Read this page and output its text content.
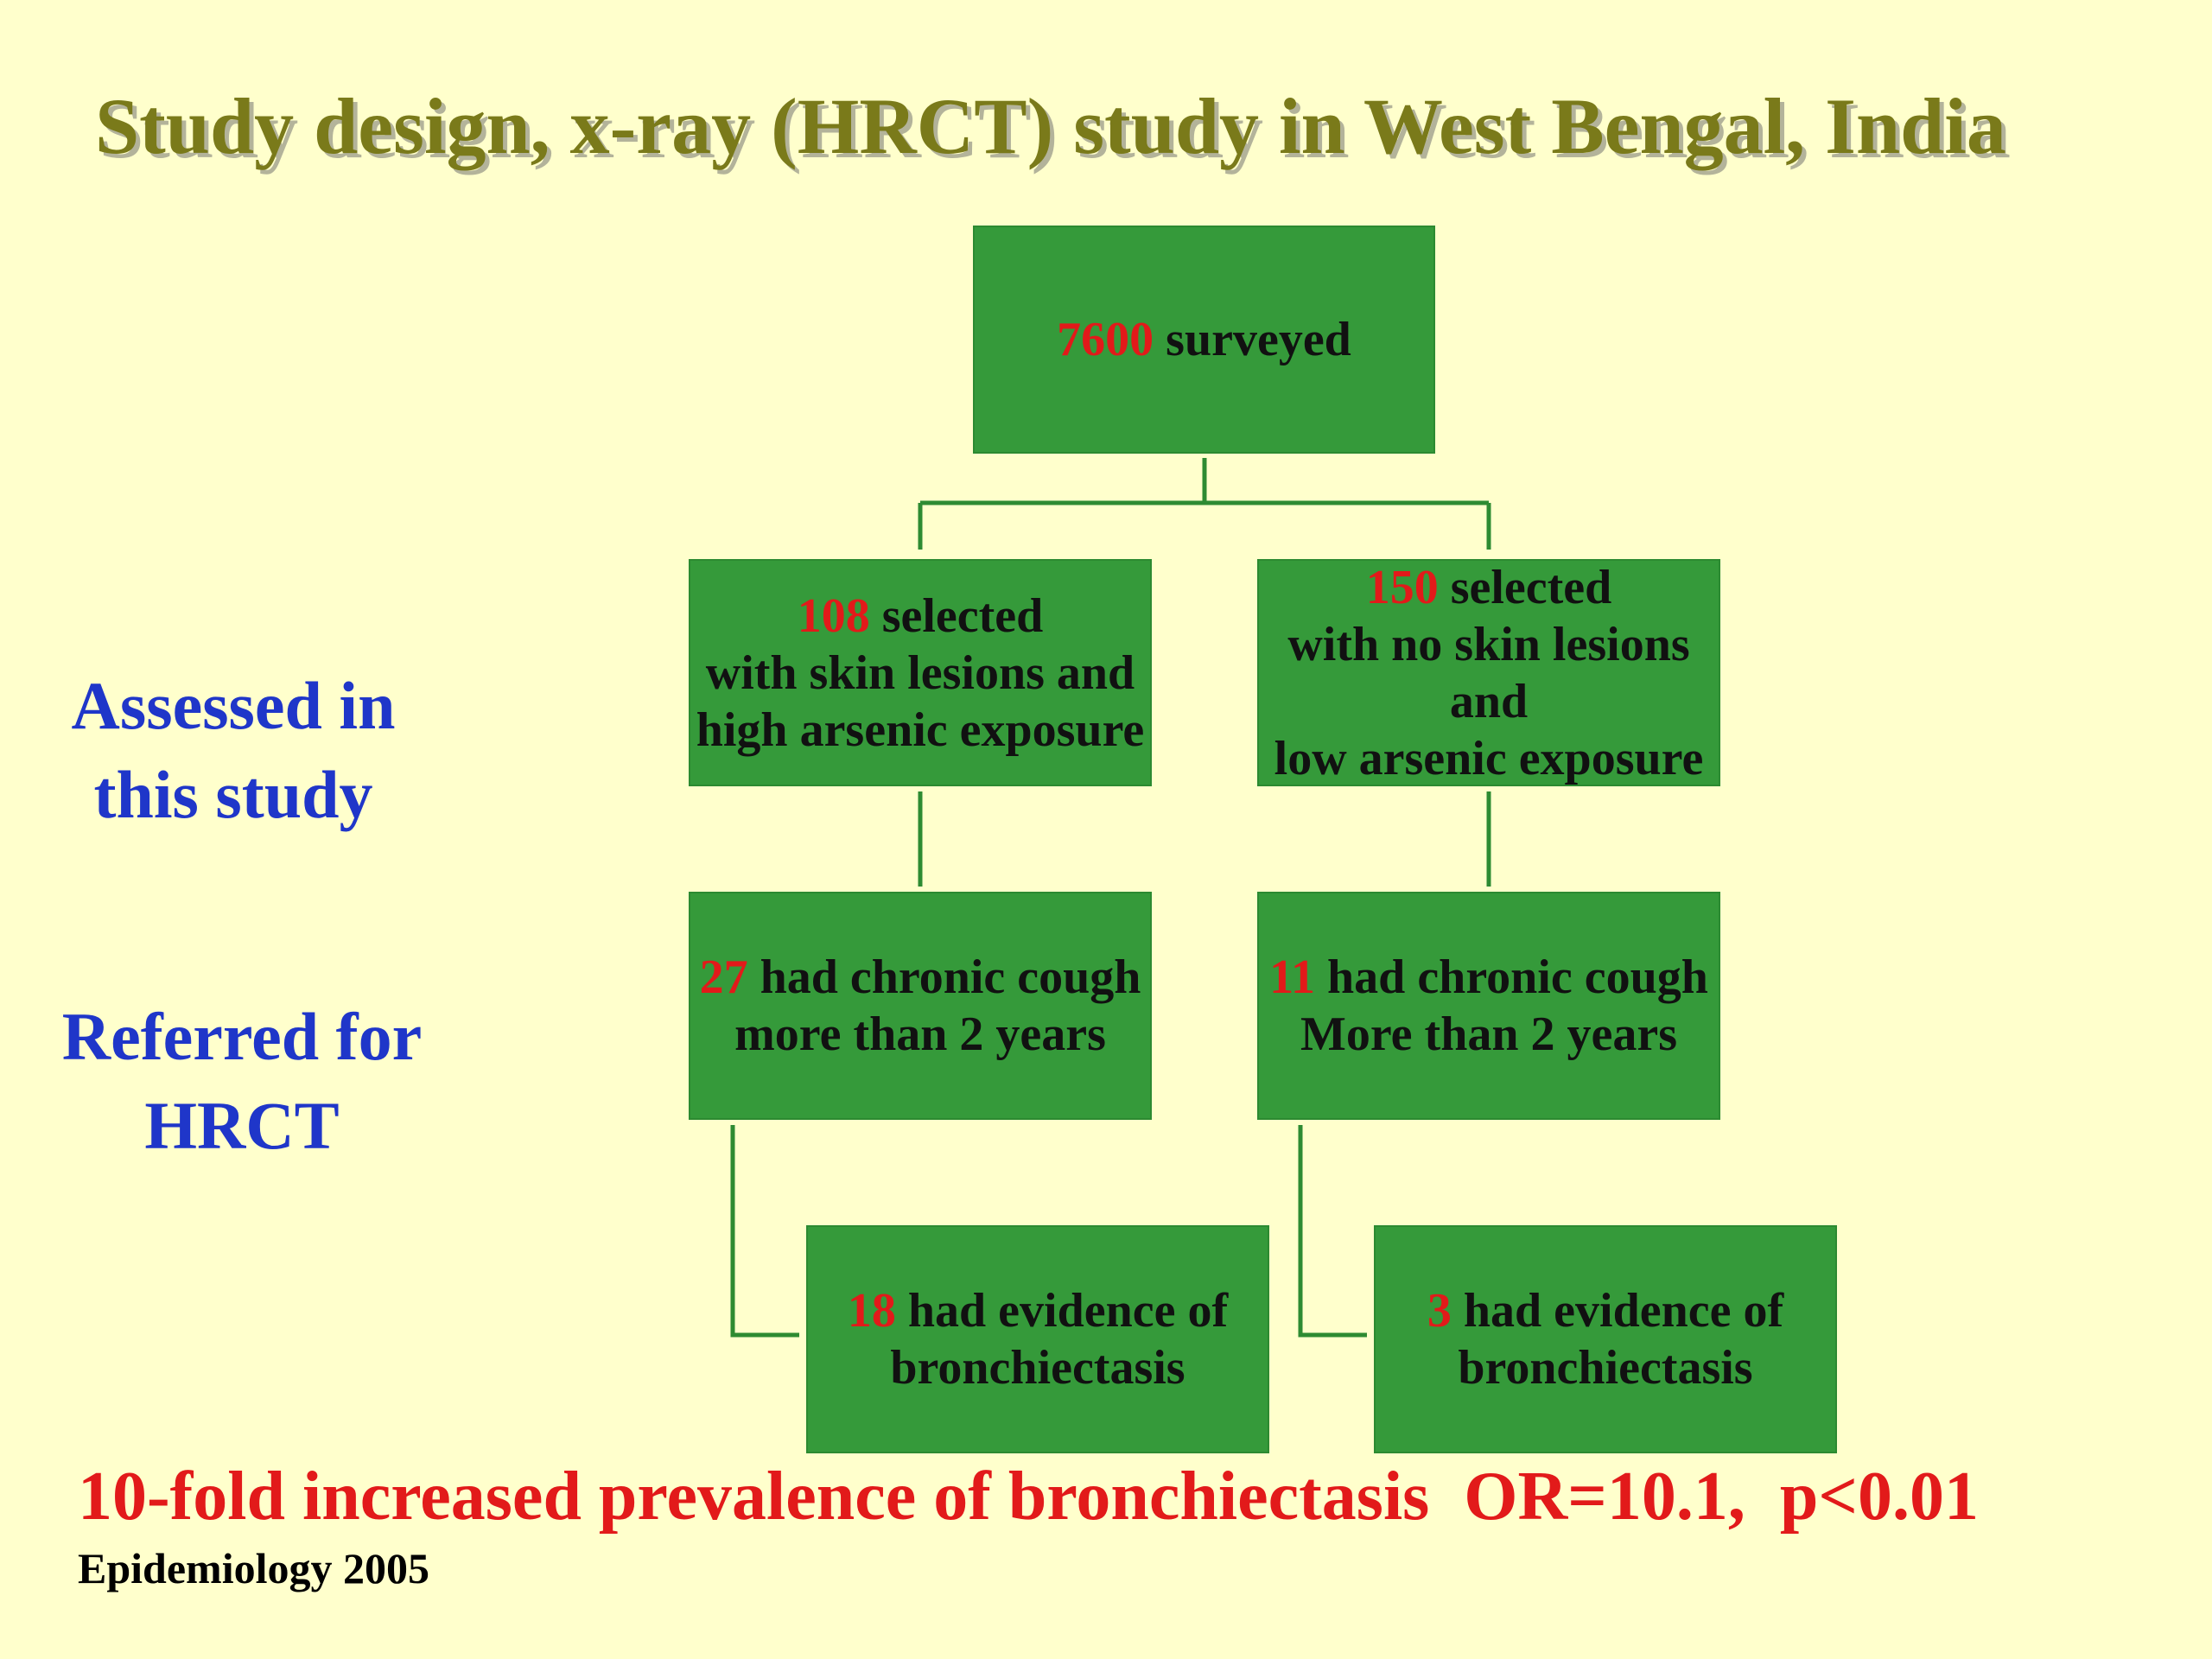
Study design, x-ray (HRCT) study in West Bengal, India
Assessed in
this study
Referred for
HRCT
7600 surveyed
108 selected
with skin lesions and
high arsenic exposure
150 selected
with no skin lesions
and
low arsenic exposure
27 had chronic cough
more than 2 years
11 had chronic cough
More than 2 years
18 had evidence of
bronchiectasis
3 had evidence of
bronchiectasis
10-fold increased prevalence of bronchiectasis  OR=10.1,  p<0.01
Epidemiology 2005
